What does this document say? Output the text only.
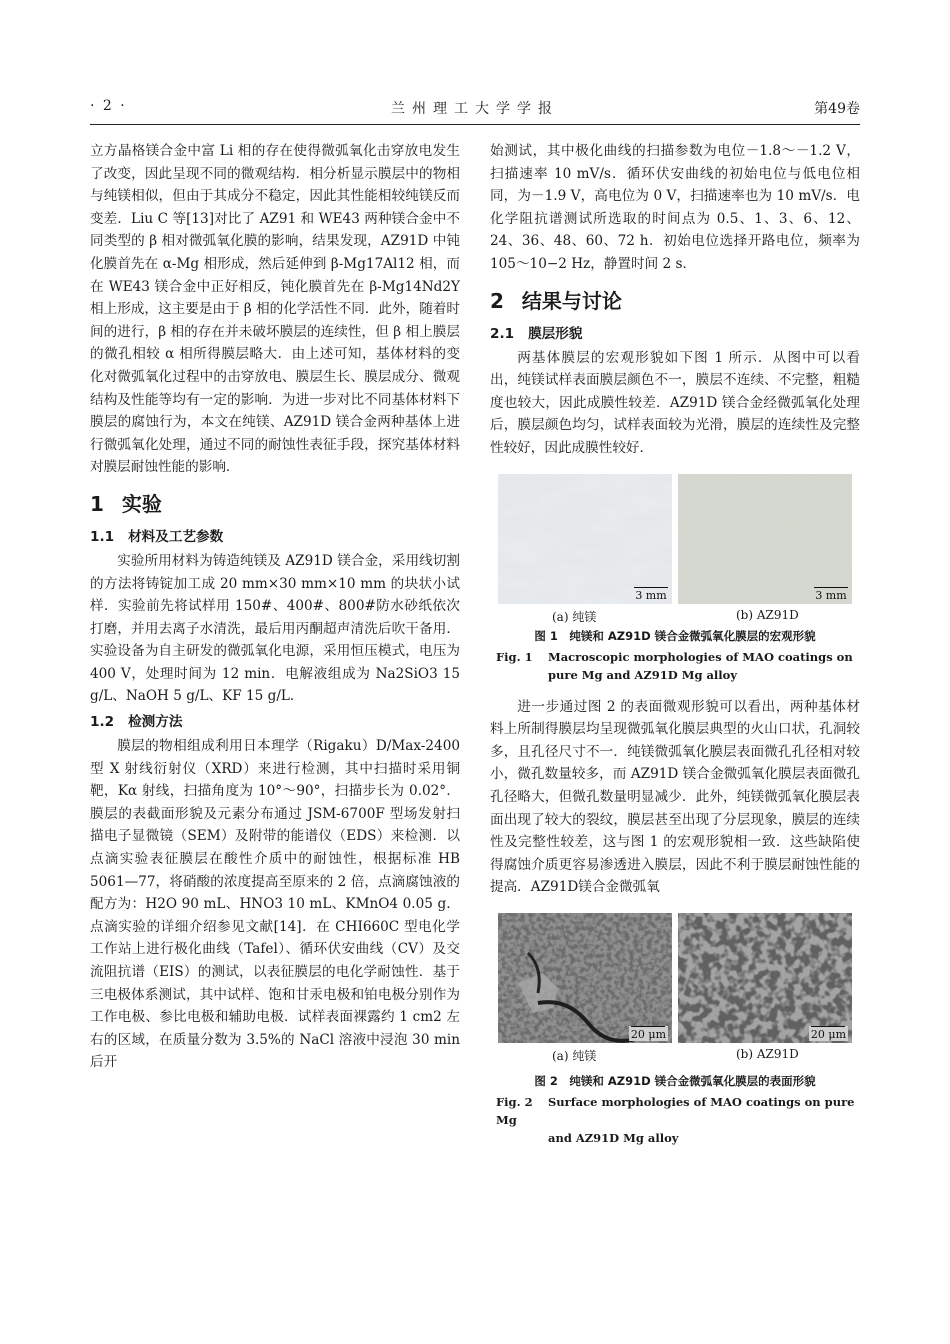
兰州理工大学学报
· 2 ·	第49卷

立方晶格镁合金中富 Li 相的存在使得微弧氧化击穿放电发生了改变，因此呈现不同的微观结构．相分析显示膜层中的物相与纯镁相似，但由于其成分不稳定，因此其性能相较纯镁反而变差．Liu C 等[13]对比了 AZ91 和 WE43 两种镁合金中不同类型的 β 相对微弧氧化膜的影响，结果发现，AZ91D 中钝化膜首先在 α-Mg 相形成，然后延伸到 β-Mg17Al12 相，而在 WE43 镁合金中正好相反，钝化膜首先在 β-Mg14Nd2Y 相上形成，这主要是由于 β 相的化学活性不同．此外，随着时间的进行，β 相的存在并未破坏膜层的连续性，但 β 相上膜层的微孔相较 α 相所得膜层略大．由上述可知，基体材料的变化对微弧氧化过程中的击穿放电、膜层生长、膜层成分、微观结构及性能等均有一定的影响．为进一步对比不同基体材料下膜层的腐蚀行为，本文在纯镁、AZ91D 镁合金两种基体上进行微弧氧化处理，通过不同的耐蚀性表征手段，探究基体材料对膜层耐蚀性能的影响．

1 实验
1.1 材料及工艺参数

实验所用材料为铸造纯镁及 AZ91D 镁合金，采用线切割的方法将铸锭加工成 20 mm×30 mm×10 mm 的块状小试样．实验前先将试样用 150#、400#、800#防水砂纸依次打磨，并用去离子水清洗，最后用丙酮超声清洗后吹干备用．实验设备为自主研发的微弧氧化电源，采用恒压模式，电压为 400 V，处理时间为 12 min．电解液组成为 Na2SiO3 15 g/L、NaOH 5 g/L、KF 15 g/L．

1.2 检测方法

膜层的物相组成利用日本理学（Rigaku）D/Max-2400 型 X 射线衍射仪（XRD）来进行检测，其中扫描时采用铜靶，Kα 射线，扫描角度为 10°～90°，扫描步长为 0.02°．膜层的表截面形貌及元素分布通过 JSM-6700F 型场发射扫描电子显微镜（SEM）及附带的能谱仪（EDS）来检测．以点滴实验表征膜层在酸性介质中的耐蚀性，根据标准 HB 5061—77，将硝酸的浓度提高至原来的 2 倍，点滴腐蚀液的配方为：H2O 90 mL、HNO3 10 mL、KMnO4 0.05 g．点滴实验的详细介绍参见文献[14]．在 CHI660C 型电化学工作站上进行极化曲线（Tafel）、循环伏安曲线（CV）及交流阻抗谱（EIS）的测试，以表征膜层的电化学耐蚀性．基于三电极体系测试，其中试样、饱和甘汞电极和铂电极分别作为工作电极、参比电极和辅助电极．试样表面裸露约 1 cm2 左右的区域，在质量分数为 3.5%的 NaCl 溶液中浸泡 30 min 后开

始测试，其中极化曲线的扫描参数为电位－1.8～－1.2 V，扫描速率 10 mV/s．循环伏安曲线的初始电位与低电位相同，为－1.9 V，高电位为 0 V，扫描速率也为 10 mV/s．电化学阻抗谱测试所选取的时间点为 0.5、1、3、6、12、24、36、48、60、72 h．初始电位选择开路电位，频率为 105～10−2 Hz，静置时间 2 s．

2 结果与讨论
2.1 膜层形貌

两基体膜层的宏观形貌如下图 1 所示．从图中可以看出，纯镁试样表面膜层颜色不一，膜层不连续、不完整，粗糙度也较大，因此成膜性较差．AZ91D 镁合金经微弧氧化处理后，膜层颜色均匀，试样表面较为光滑，膜层的连续性及完整性较好，因此成膜性较好．

3 mm	3 mm
(a) 纯镁	(b) AZ91D
图 1　纯镁和 AZ91D 镁合金微弧氧化膜层的宏观形貌
Fig. 1 Macroscopic morphologies of MAO coatings on
pure Mg and AZ91D Mg alloy

进一步通过图 2 的表面微观形貌可以看出，两种基体材料上所制得膜层均呈现微弧氧化膜层典型的火山口状，孔洞较多，且孔径尺寸不一．纯镁微弧氧化膜层表面微孔孔径相对较小，微孔数量较多，而 AZ91D 镁合金微弧氧化膜层表面微孔孔径略大，但微孔数量明显减少．此外，纯镁微弧氧化膜层表面出现了较大的裂纹，膜层甚至出现了分层现象，膜层的连续性及完整性较差，这与图 1 的宏观形貌相一致．这些缺陷使得腐蚀介质更容易渗透进入膜层，因此不利于膜层耐蚀性能的提高．AZ91D镁合金微弧氧

20 μm	20 μm
(a) 纯镁	(b) AZ91D
图 2　纯镁和 AZ91D 镁合金微弧氧化膜层的表面形貌
Fig. 2 Surface morphologies of MAO coatings on pure Mg
and AZ91D Mg alloy
